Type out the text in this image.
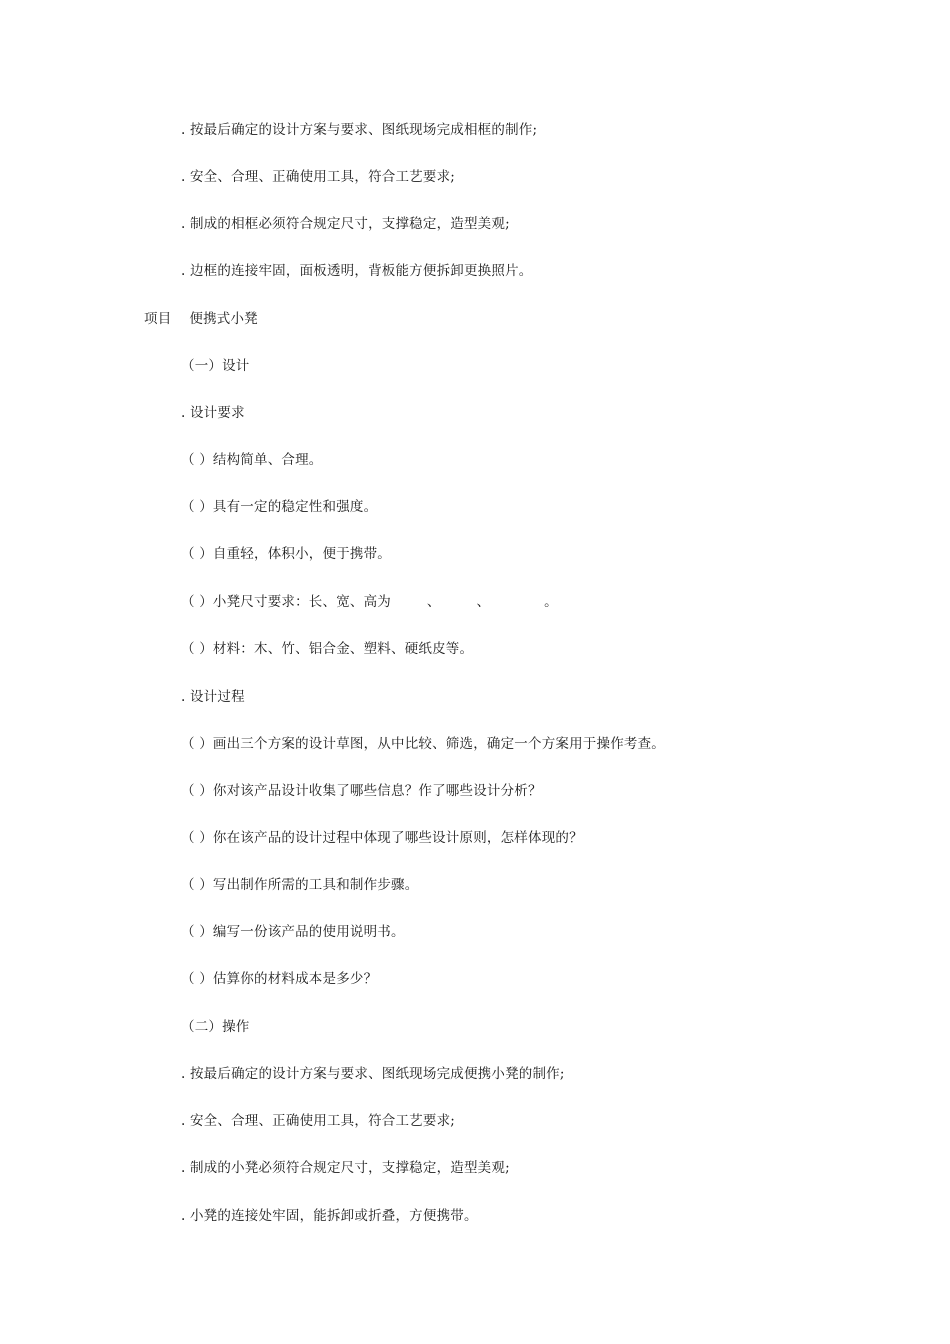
. 按最后确定的设计方案与要求、图纸现场完成相框的制作;
. 安全、合理、正确使用工具，符合工艺要求;
. 制成的相框必须符合规定尺寸，支撑稳定，造型美观;
. 边框的连接牢固，面板透明，背板能方便拆卸更换照片。
项目    便携式小凳
（一）设计
. 设计要求
（ ）结构简单、合理。
（ ）具有一定的稳定性和强度。
（ ）自重轻，体积小，便于携带。
（ ）小凳尺寸要求：长、宽、高为        、        、            。
（ ）材料：木、竹、铝合金、塑料、硬纸皮等。
. 设计过程
（ ）画出三个方案的设计草图，从中比较、筛选，确定一个方案用于操作考查。
（ ）你对该产品设计收集了哪些信息？作了哪些设计分析？
（ ）你在该产品的设计过程中体现了哪些设计原则，怎样体现的？
（ ）写出制作所需的工具和制作步骤。
（ ）编写一份该产品的使用说明书。
（ ）估算你的材料成本是多少？
（二）操作
. 按最后确定的设计方案与要求、图纸现场完成便携小凳的制作;
. 安全、合理、正确使用工具，符合工艺要求;
. 制成的小凳必须符合规定尺寸，支撑稳定，造型美观;
. 小凳的连接处牢固，能拆卸或折叠，方便携带。
